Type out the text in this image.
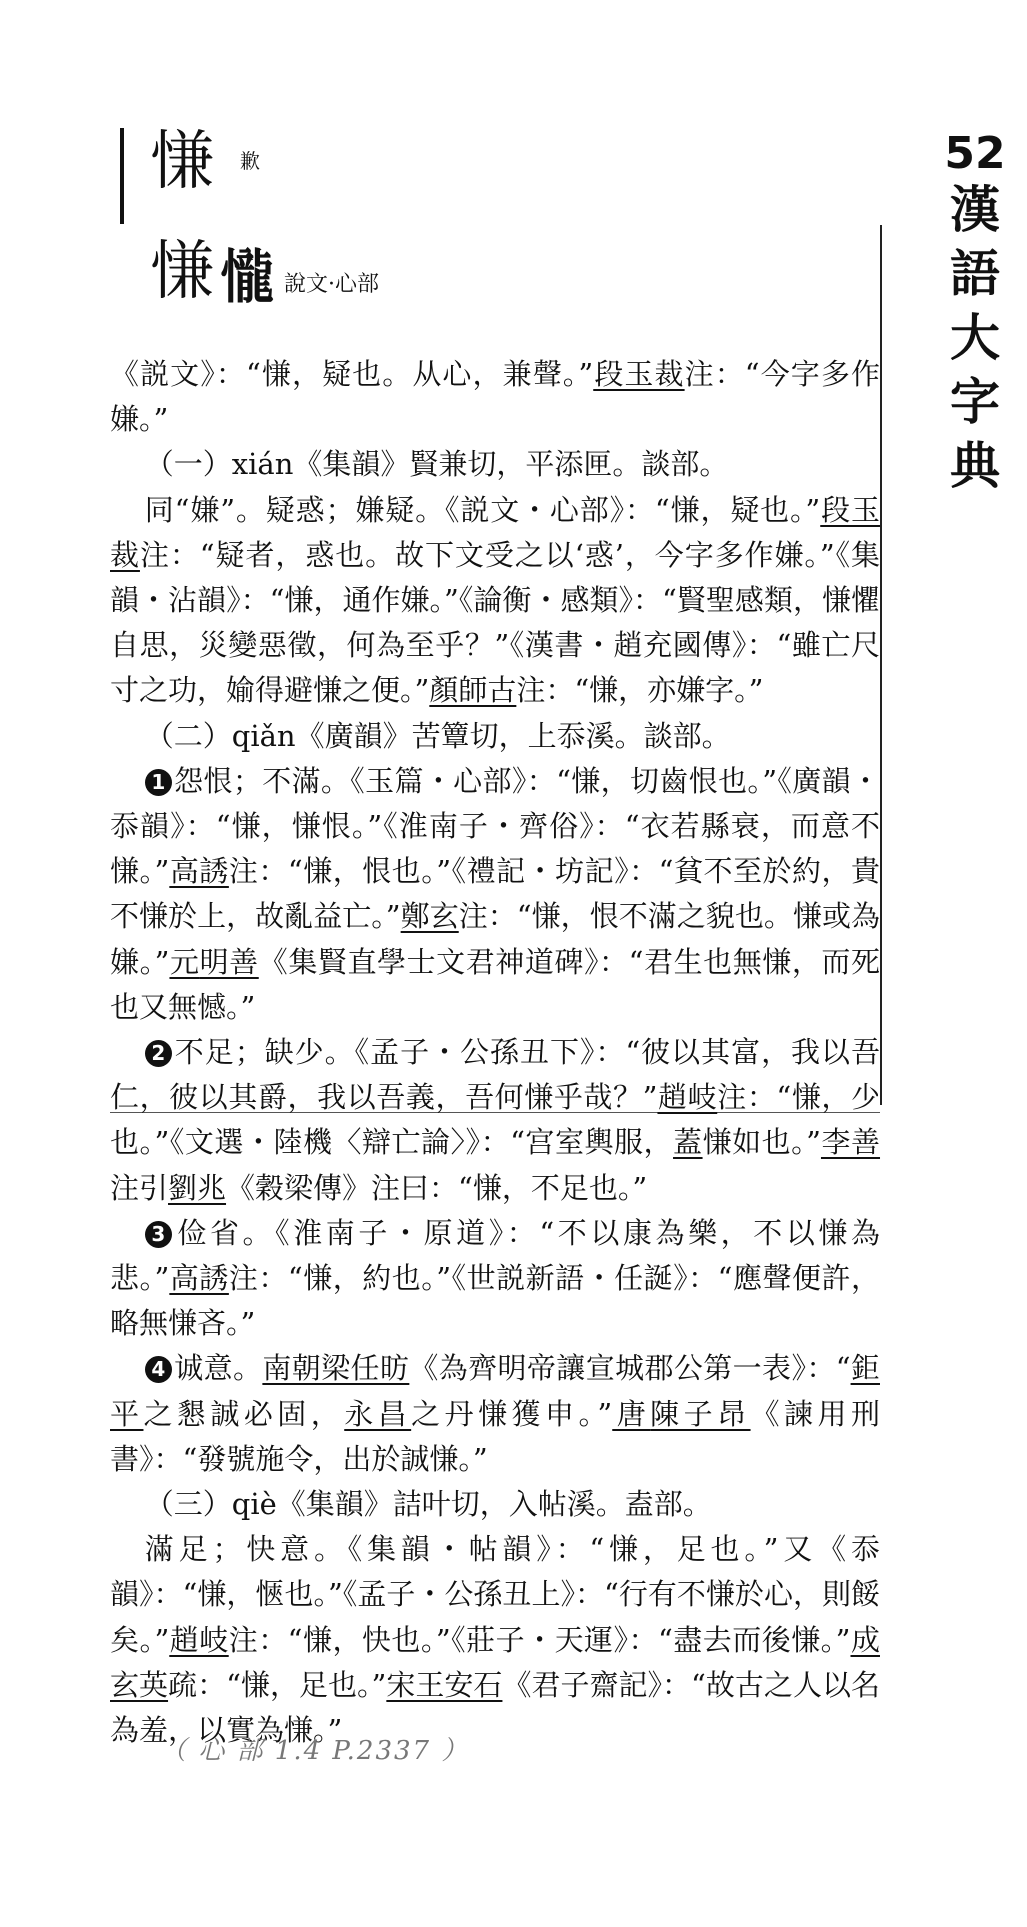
慊 歉
慊 𢤱 說文·心部
52
漢
語
大
字
典

《説文》：“慊，疑也。从心，兼聲。”段玉裁注：“今字多作嫌。”

（一）xián《集韻》賢兼切，平添匣。談部。

同“嫌”。疑惑；嫌疑。《説文・心部》：“慊，疑也。”段玉裁注：“疑者，惑也。故下文受之以‘惑’，今字多作嫌。”《集韻・沾韻》：“慊，通作嫌。”《論衡・感類》：“賢聖感類，慊懼自思，災變惡徵，何為至乎？”《漢書・趙充國傳》：“雖亡尺寸之功，媮得避慊之便。”顏師古注：“慊，亦嫌字。”

（二）qiǎn《廣韻》苦簟切，上忝溪。談部。

1 怨恨；不滿。《玉篇・心部》：“慊，切齒恨也。”《廣韻・忝韻》：“慊，慊恨。”《淮南子・齊俗》：“衣若縣衰，而意不慊。”高誘注：“慊，恨也。”《禮記・坊記》：“貧不至於約，貴不慊於上，故亂益亡。”鄭玄注：“慊，恨不滿之貌也。慊或為嫌。”元明善《集賢直學士文君神道碑》：“君生也無慊，而死也又無憾。”

2 不足；缺少。《孟子・公孫丑下》：“彼以其富，我以吾仁，彼以其爵，我以吾義，吾何慊乎哉？”趙岐注：“慊，少也。”《文選・陸機〈辯亡論〉》：“宫室輿服，蓋慊如也。”李善注引劉兆《穀梁傳》注曰：“慊，不足也。”

3 俭省。《淮南子・原道》：“不以康為樂，不以慊為悲。”高誘注：“慊，約也。”《世説新語・任誕》：“應聲便許，略無慊吝。”

4 诚意。南朝梁任昉《為齊明帝讓宣城郡公第一表》：“鉅平之懇誠必固，永昌之丹慊獲申。”唐陳子昂《諫用刑書》：“發號施令，出於誠慊。”

（三）qiè《集韻》詰叶切，入帖溪。盍部。

滿足；快意。《集韻・帖韻》：“慊，足也。”又《忝韻》：“慊，愜也。”《孟子・公孫丑上》：“行有不慊於心，則餒矣。”趙岐注：“慊，快也。”《莊子・天運》：“盡去而後慊。”成玄英疏：“慊，足也。”宋王安石《君子齋記》：“故古之人以名為羞，以實為慊。”

（ 心 部 1.4 P.2337 ）
